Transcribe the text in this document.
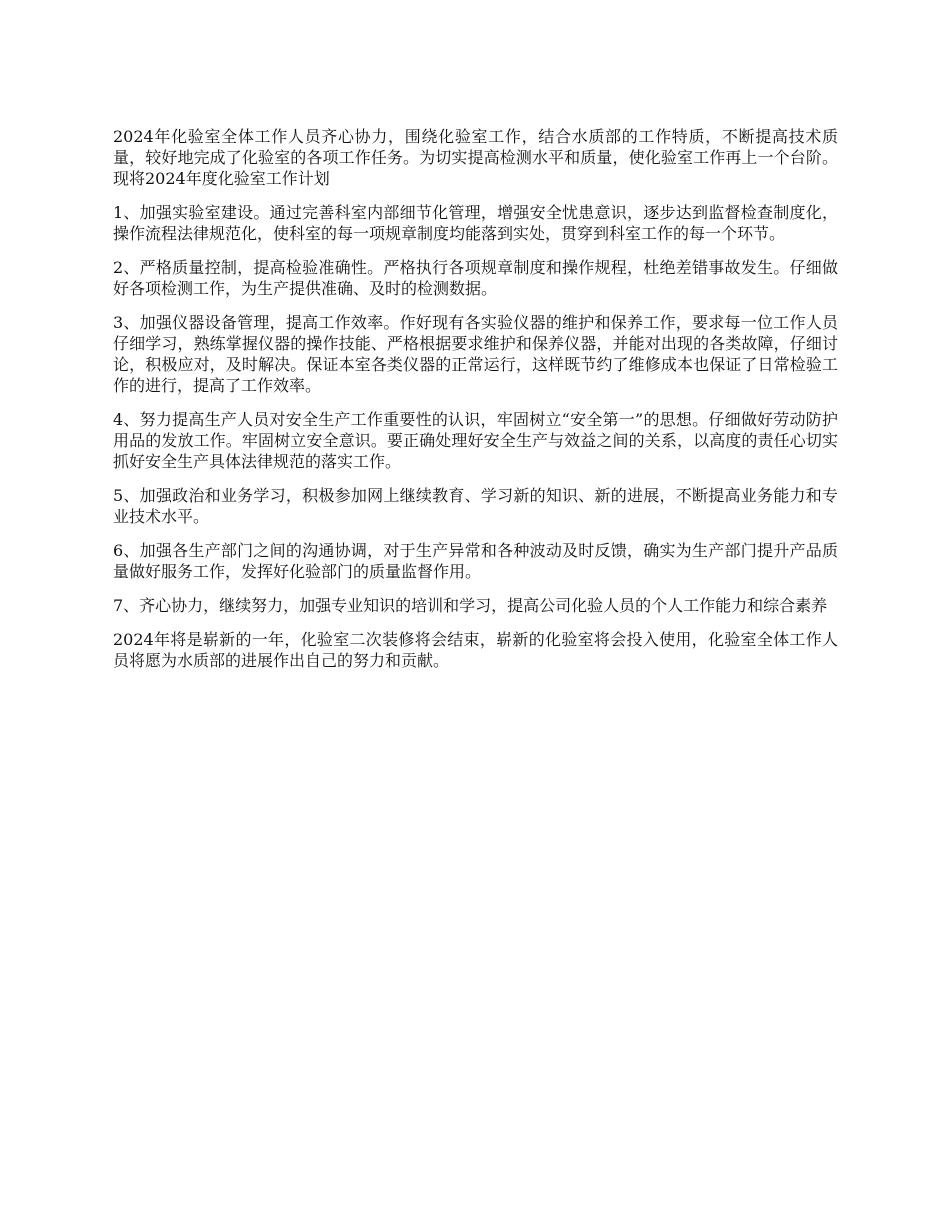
2024年化验室全体工作人员齐心协力，围绕化验室工作，结合水质部的工作特质，不断提高技术质量，较好地完成了化验室的各项工作任务。为切实提高检测水平和质量，使化验室工作再上一个台阶。现将2024年度化验室工作计划

1、加强实验室建设。通过完善科室内部细节化管理，增强安全忧患意识，逐步达到监督检查制度化，操作流程法律规范化，使科室的每一项规章制度均能落到实处，贯穿到科室工作的每一个环节。

2、严格质量控制，提高检验准确性。严格执行各项规章制度和操作规程，杜绝差错事故发生。仔细做好各项检测工作，为生产提供准确、及时的检测数据。

3、加强仪器设备管理，提高工作效率。作好现有各实验仪器的维护和保养工作，要求每一位工作人员仔细学习，熟练掌握仪器的操作技能、严格根据要求维护和保养仪器，并能对出现的各类故障，仔细讨论，积极应对，及时解决。保证本室各类仪器的正常运行，这样既节约了维修成本也保证了日常检验工作的进行，提高了工作效率。

4、努力提高生产人员对安全生产工作重要性的认识，牢固树立“安全第一”的思想。仔细做好劳动防护用品的发放工作。牢固树立安全意识。要正确处理好安全生产与效益之间的关系，以高度的责任心切实抓好安全生产具体法律规范的落实工作。

5、加强政治和业务学习，积极参加网上继续教育、学习新的知识、新的进展，不断提高业务能力和专业技术水平。

6、加强各生产部门之间的沟通协调，对于生产异常和各种波动及时反馈，确实为生产部门提升产品质量做好服务工作，发挥好化验部门的质量监督作用。

7、齐心协力，继续努力，加强专业知识的培训和学习，提高公司化验人员的个人工作能力和综合素养

2024年将是崭新的一年，化验室二次装修将会结束，崭新的化验室将会投入使用，化验室全体工作人员将愿为水质部的进展作出自己的努力和贡献。
